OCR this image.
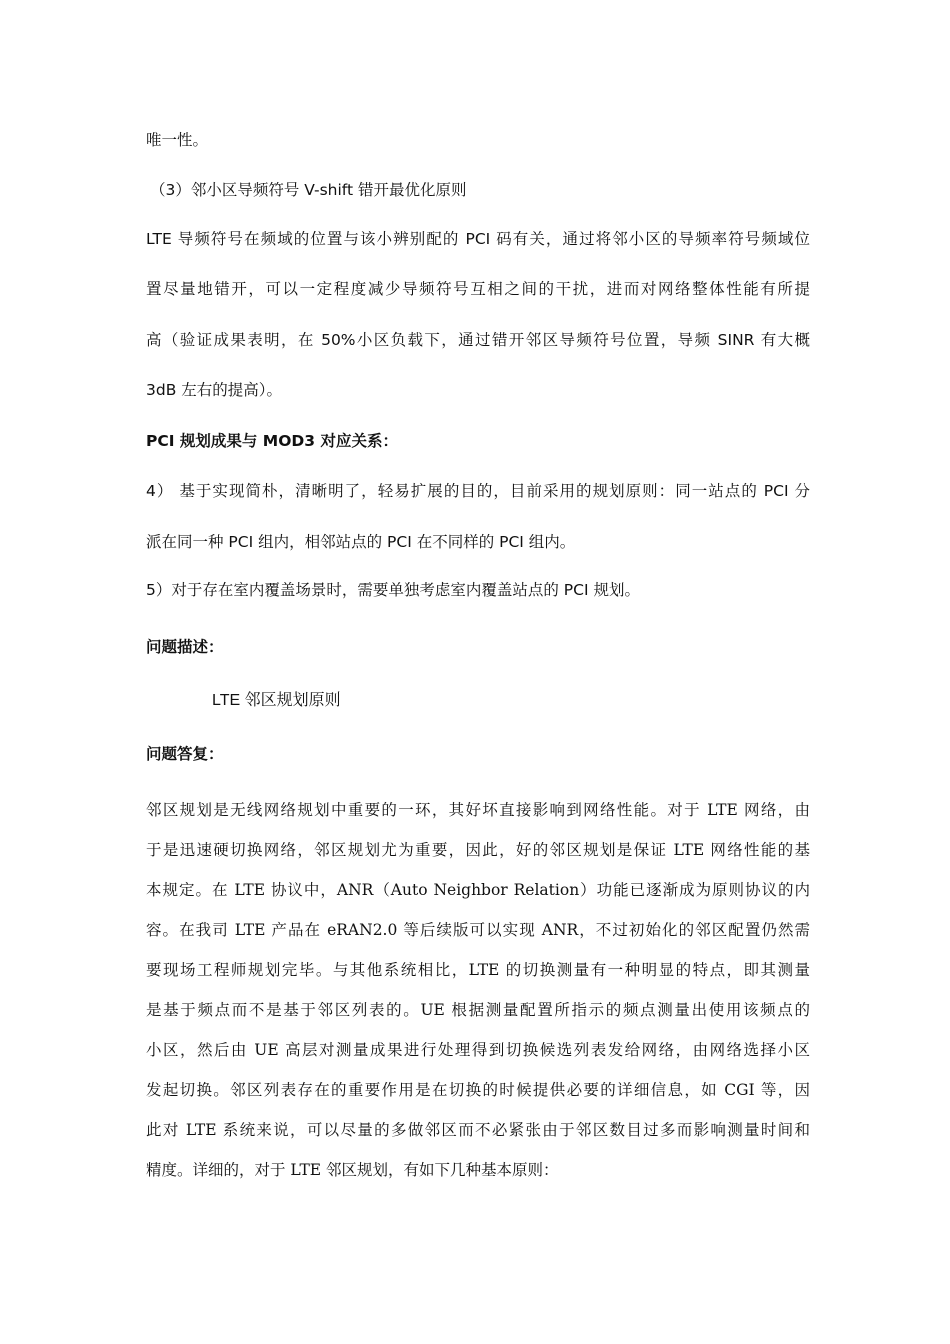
唯一性。

（3）邻小区导频符号 V-shift 错开最优化原则

LTE 导频符号在频域的位置与该小辨别配的 PCI 码有关，通过将邻小区的导频率符号频域位

置尽量地错开，可以一定程度减少导频符号互相之间的干扰，进而对网络整体性能有所提

高（验证成果表明，在 50%小区负载下，通过错开邻区导频符号位置，导频 SINR 有大概

3dB 左右的提高）。

PCI 规划成果与 MOD3 对应关系：

4） 基于实现简朴，清晰明了，轻易扩展的目的，目前采用的规划原则：同一站点的 PCI 分

派在同一种 PCI 组内，相邻站点的 PCI 在不同样的 PCI 组内。

5）对于存在室内覆盖场景时，需要单独考虑室内覆盖站点的 PCI 规划。

问题描述：

LTE 邻区规划原则

问题答复：

邻区规划是无线网络规划中重要的一环，其好坏直接影响到网络性能。对于 LTE 网络，由

于是迅速硬切换网络，邻区规划尤为重要，因此，好的邻区规划是保证 LTE 网络性能的基

本规定。在 LTE 协议中，ANR（Auto Neighbor Relation）功能已逐渐成为原则协议的内

容。在我司 LTE 产品在 eRAN2.0 等后续版可以实现 ANR，不过初始化的邻区配置仍然需

要现场工程师规划完毕。与其他系统相比，LTE 的切换测量有一种明显的特点，即其测量

是基于频点而不是基于邻区列表的。UE 根据测量配置所指示的频点测量出使用该频点的

小区，然后由 UE 高层对测量成果进行处理得到切换候选列表发给网络，由网络选择小区

发起切换。邻区列表存在的重要作用是在切换的时候提供必要的详细信息，如 CGI 等，因

此对 LTE 系统来说，可以尽量的多做邻区而不必紧张由于邻区数目过多而影响测量时间和

精度。详细的，对于 LTE 邻区规划，有如下几种基本原则：
